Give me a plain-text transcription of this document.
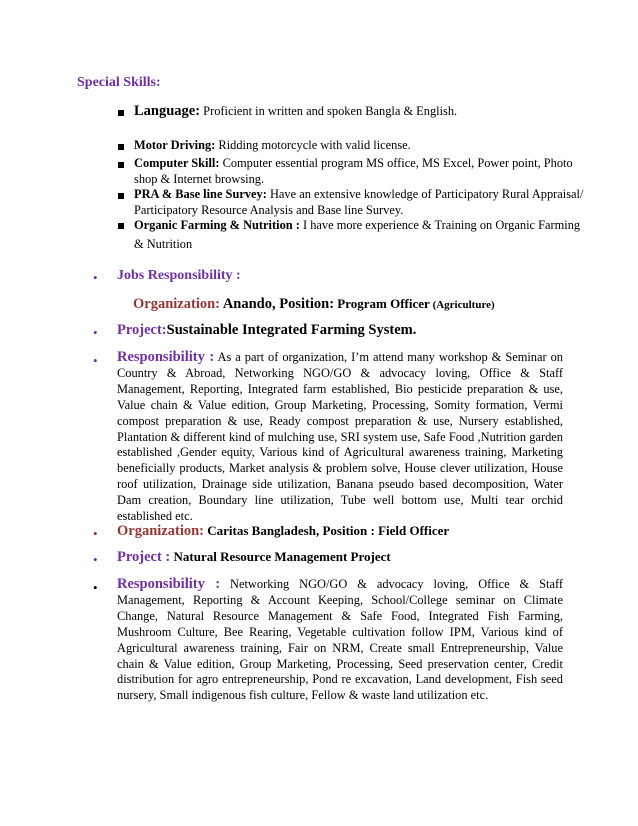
Special Skills:
Language: Proficient in written and spoken Bangla & English.
Motor Driving: Ridding motorcycle with valid license.
Computer Skill: Computer essential program MS office, MS Excel, Power point, Photo shop & Internet browsing.
PRA & Base line Survey: Have an extensive knowledge of Participatory Rural Appraisal/ Participatory Resource Analysis and Base line Survey.
Organic Farming & Nutrition : I have more experience & Training on Organic Farming & Nutrition
• Jobs Responsibility :
Organization: Anando, Position: Program Officer (Agriculture)
• Project:Sustainable Integrated Farming System.
• Responsibility : As a part of organization, I’m attend many workshop & Seminar on Country & Abroad, Networking NGO/GO & advocacy loving, Office & Staff Management, Reporting, Integrated farm established, Bio pesticide preparation & use, Value chain & Value edition, Group Marketing, Processing, Somity formation, Vermi compost preparation & use, Ready compost preparation & use, Nursery established, Plantation & different kind of mulching use, SRI system use, Safe Food ,Nutrition garden established ,Gender equity, Various kind of Agricultural awareness training, Marketing beneficially products, Market analysis & problem solve, House clever utilization, House roof utilization, Drainage side utilization, Banana pseudo based decomposition, Water Dam creation, Boundary line utilization, Tube well bottom use, Multi tear orchid established etc.
• Organization: Caritas Bangladesh, Position : Field Officer
• Project : Natural Resource Management Project
• Responsibility : Networking NGO/GO & advocacy loving, Office & Staff Management, Reporting & Account Keeping, School/College seminar on Climate Change, Natural Resource Management & Safe Food, Integrated Fish Farming, Mushroom Culture, Bee Rearing, Vegetable cultivation follow IPM, Various kind of Agricultural awareness training, Fair on NRM, Create small Entrepreneurship, Value chain & Value edition, Group Marketing, Processing, Seed preservation center, Credit distribution for agro entrepreneurship, Pond re excavation, Land development, Fish seed nursery, Small indigenous fish culture, Fellow & waste land utilization etc.
